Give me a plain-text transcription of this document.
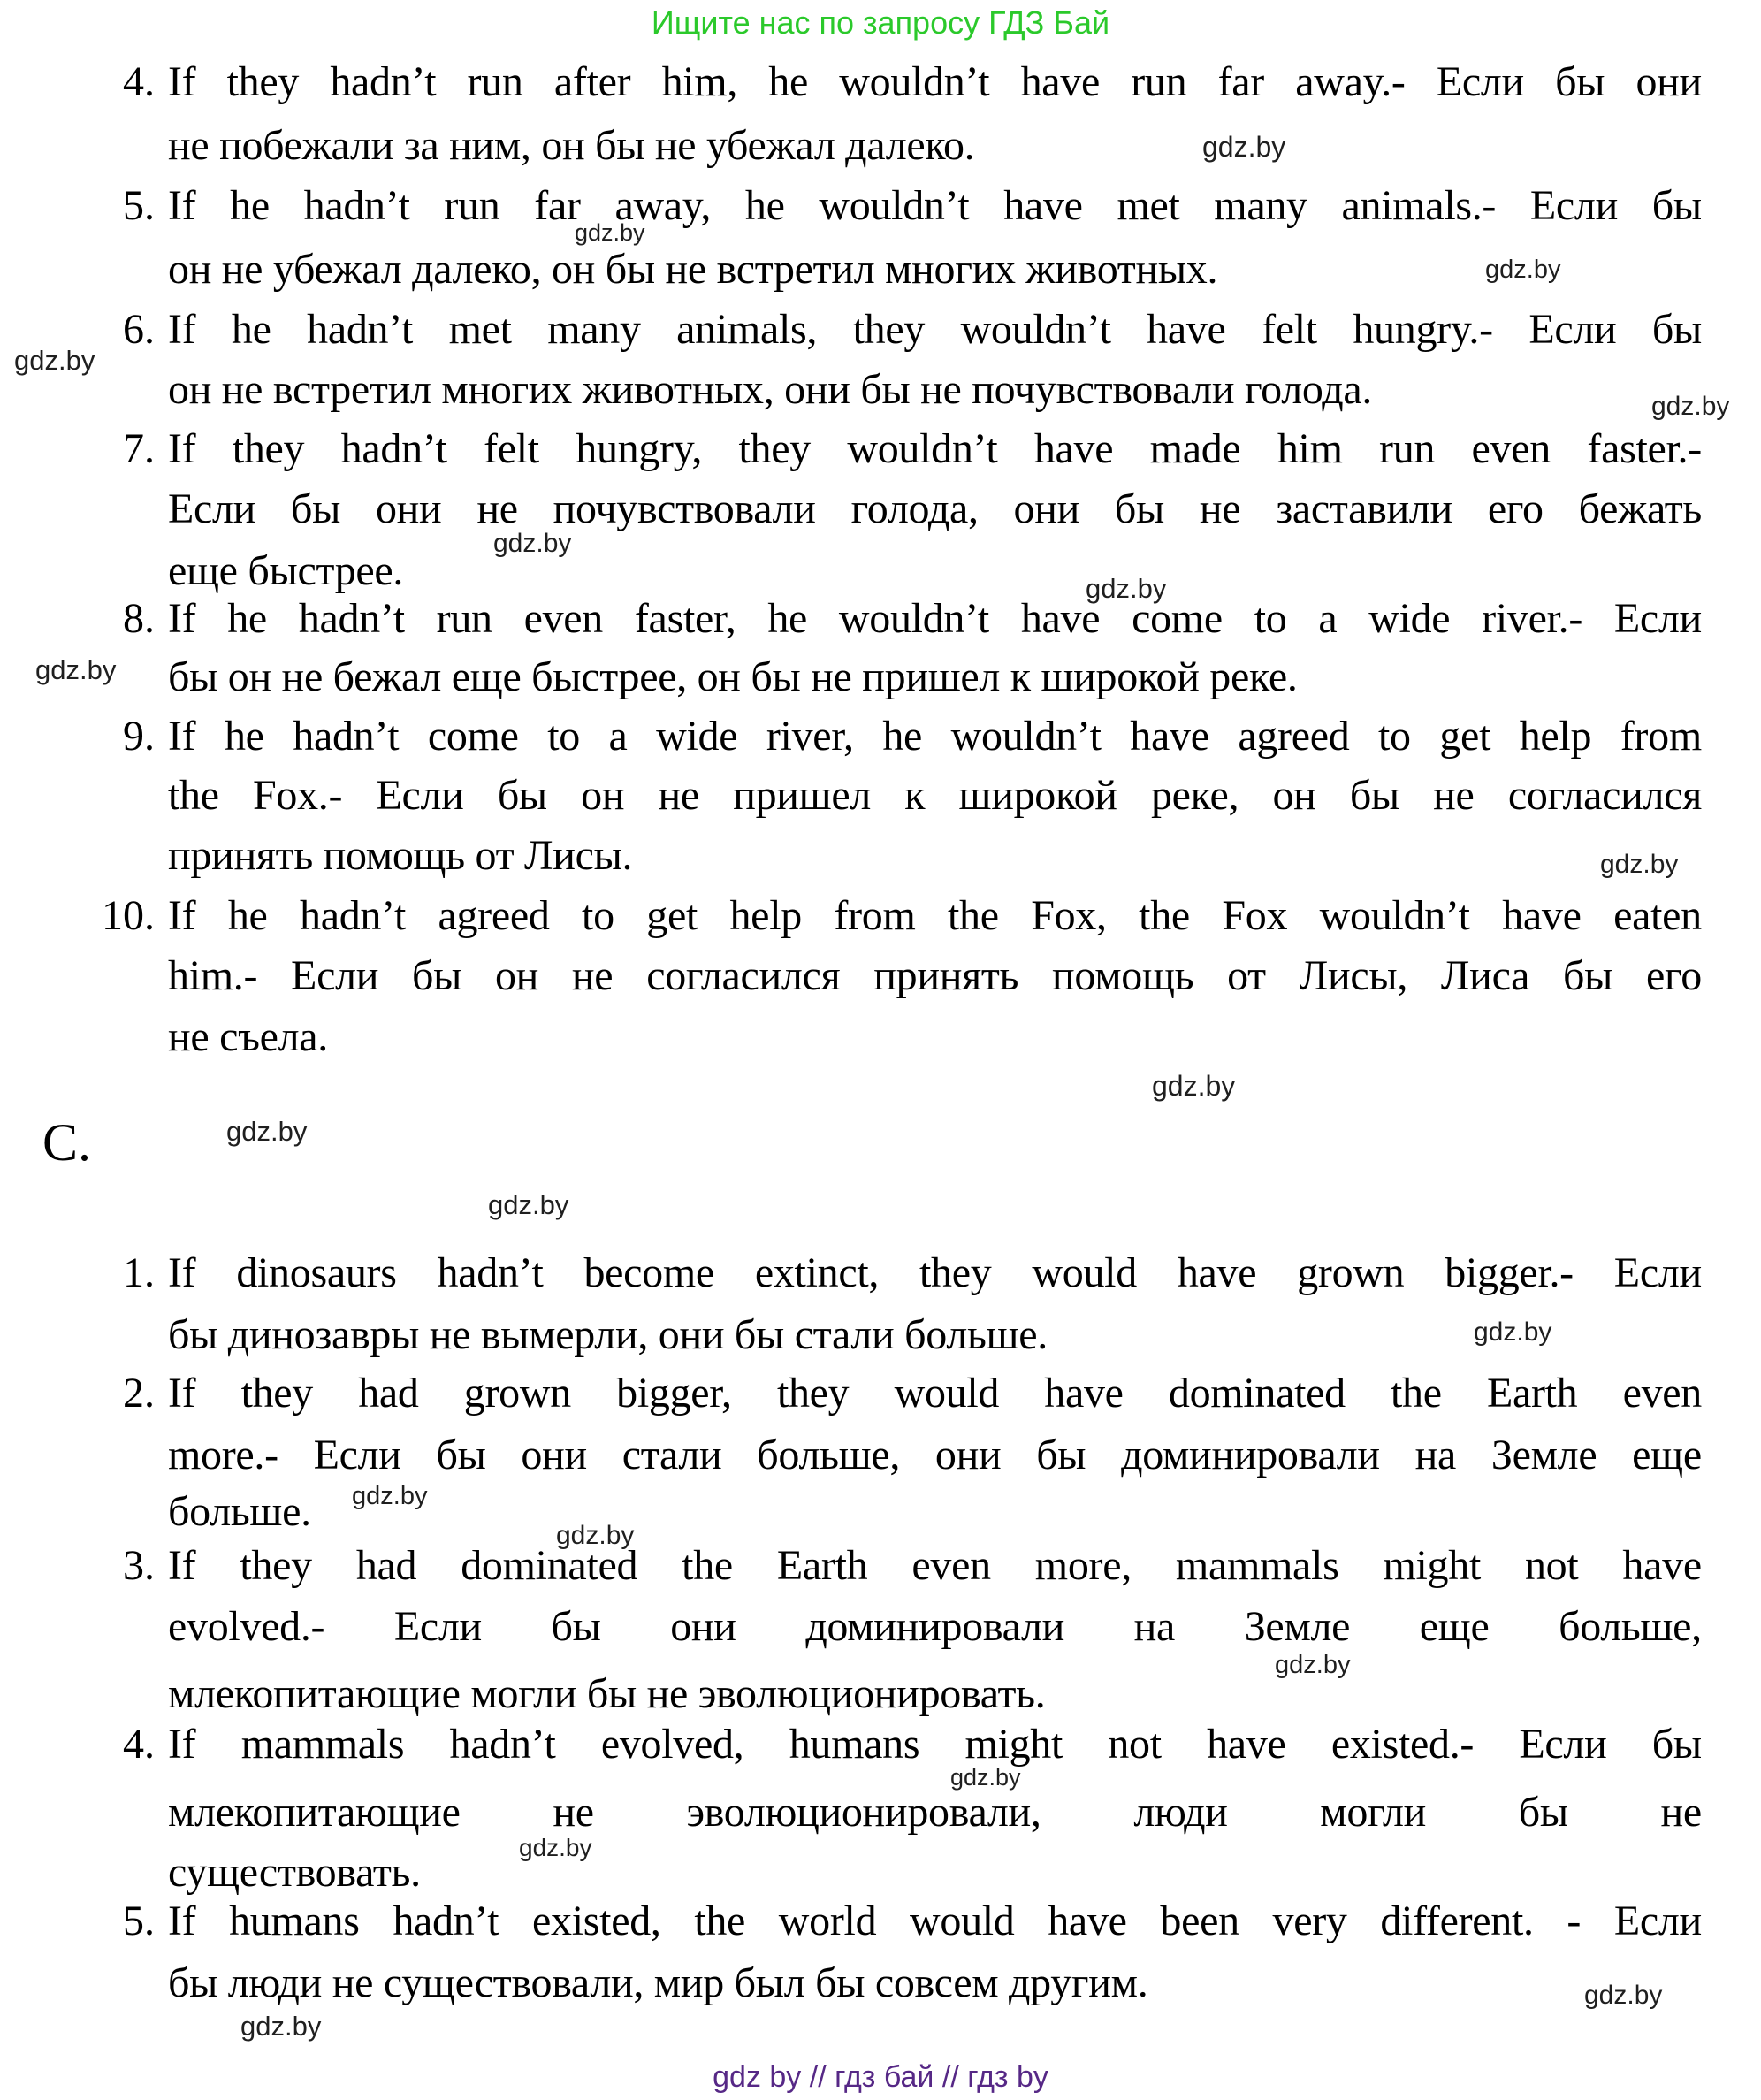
Ищите нас по запросу ГДЗ Бай
4. If they hadn’t run after him, he wouldn’t have run far away.- Если бы они
не побежали за ним, он бы не убежал далеко.
5. If he hadn’t run far away, he wouldn’t have met many animals.- Если бы
он не убежал далеко, он бы не встретил многих животных.
6. If he hadn’t met many animals, they wouldn’t have felt hungry.- Если бы
он не встретил многих животных, они бы не почувствовали голода.
7. If they hadn’t felt hungry, they wouldn’t have made him run even faster.-
Если бы они не почувствовали голода, они бы не заставили его бежать
еще быстрее.
8. If he hadn’t run even faster, he wouldn’t have come to a wide river.- Если
бы он не бежал еще быстрее, он бы не пришел к широкой реке.
9. If he hadn’t come to a wide river, he wouldn’t have agreed to get help from
the Fox.- Если бы он не пришел к широкой реке, он бы не согласился
принять помощь от Лисы.
10. If he hadn’t agreed to get help from the Fox, the Fox wouldn’t have eaten
him.- Если бы он не согласился принять помощь от Лисы, Лиса бы его
не съела.
1. If dinosaurs hadn’t become extinct, they would have grown bigger.- Если
бы динозавры не вымерли, они бы стали больше.
2. If they had grown bigger, they would have dominated the Earth even
more.- Если бы они стали больше, они бы доминировали на Земле еще
больше.
3. If they had dominated the Earth even more, mammals might not have
evolved.- Если бы они доминировали на Земле еще больше,
млекопитающие могли бы не эволюционировать.
4. If mammals hadn’t evolved, humans might not have existed.- Если бы
млекопитающие не эволюционировали, люди могли бы не
существовать.
5. If humans hadn’t existed, the world would have been very different. - Если
бы люди не существовали, мир был бы совсем другим.
C.
gdz.by
gdz.by
gdz.by
gdz.by
gdz.by
gdz.by
gdz.by
gdz.by
gdz.by
gdz.by
gdz.by
gdz.by
gdz.by
gdz.by
gdz.by
gdz.by
gdz.by
gdz.by
gdz.by
gdz.by
gdz by // гдз бай // гдз by
